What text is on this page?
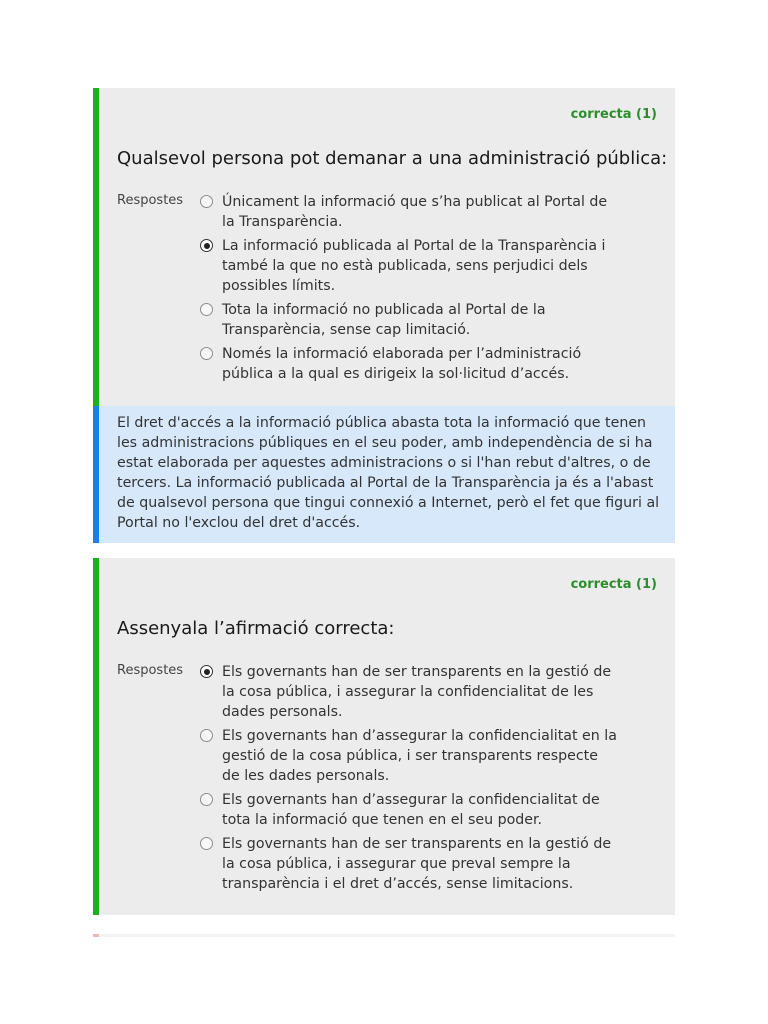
correcta (1)
Qualsevol persona pot demanar a una administració pública:
Respostes	Únicament la informació que s’ha publicat al Portal de la Transparència.
La informació publicada al Portal de la Transparència i també la que no està publicada, sens perjudici dels possibles límits.
Tota la informació no publicada al Portal de la Transparència, sense cap limitació.
Només la informació elaborada per l’administració pública a la qual es dirigeix la sol·licitud d’accés.
El dret d'accés a la informació pública abasta tota la informació que tenen les administracions públiques en el seu poder, amb independència de si ha estat elaborada per aquestes administracions o si l'han rebut d'altres, o de tercers. La informació publicada al Portal de la Transparència ja és a l'abast de qualsevol persona que tingui connexió a Internet, però el fet que figuri al Portal no l'exclou del dret d'accés.
correcta (1)
Assenyala l’afirmació correcta:
Respostes	Els governants han de ser transparents en la gestió de la cosa pública, i assegurar la confidencialitat de les dades personals.
Els governants han d’assegurar la confidencialitat en la gestió de la cosa pública, i ser transparents respecte de les dades personals.
Els governants han d’assegurar la confidencialitat de tota la informació que tenen en el seu poder.
Els governants han de ser transparents en la gestió de la cosa pública, i assegurar que preval sempre la transparència i el dret d’accés, sense limitacions.
